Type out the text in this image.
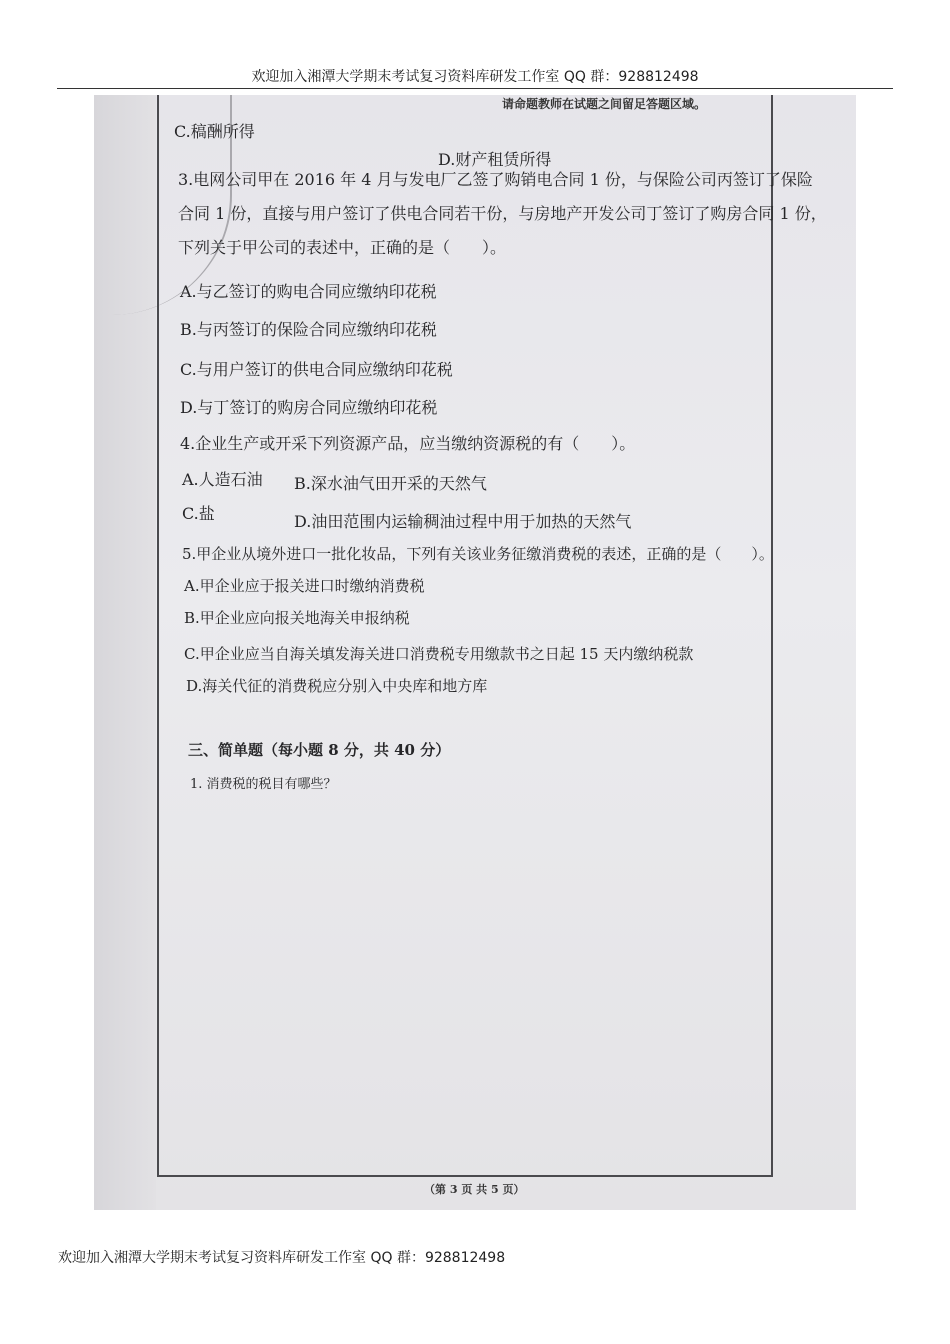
欢迎加入湘潭大学期末考试复习资料库研发工作室 QQ 群：928812498
请命题教师在试题之间留足答题区域。
C.稿酬所得
D.财产租赁所得
3.电网公司甲在 2016 年 4 月与发电厂乙签了购销电合同 1 份，与保险公司丙签订了保险
合同 1 份，直接与用户签订了供电合同若干份，与房地产开发公司丁签订了购房合同 1 份，
下列关于甲公司的表述中，正确的是（　　）。
A.与乙签订的购电合同应缴纳印花税
B.与丙签订的保险合同应缴纳印花税
C.与用户签订的供电合同应缴纳印花税
D.与丁签订的购房合同应缴纳印花税
4.企业生产或开采下列资源产品，应当缴纳资源税的有（　　）。
A.人造石油 B.深水油气田开采的天然气
C.盐	D.油田范围内运输稠油过程中用于加热的天然气
5.甲企业从境外进口一批化妆品，下列有关该业务征缴消费税的表述，正确的是（　　）。
A.甲企业应于报关进口时缴纳消费税
B.甲企业应向报关地海关申报纳税
C.甲企业应当自海关填发海关进口消费税专用缴款书之日起 15 天内缴纳税款
D.海关代征的消费税应分别入中央库和地方库
三、简单题（每小题 8 分，共 40 分）
1. 消费税的税目有哪些？
（第 3 页 共 5 页）
欢迎加入湘潭大学期末考试复习资料库研发工作室 QQ 群：928812498
